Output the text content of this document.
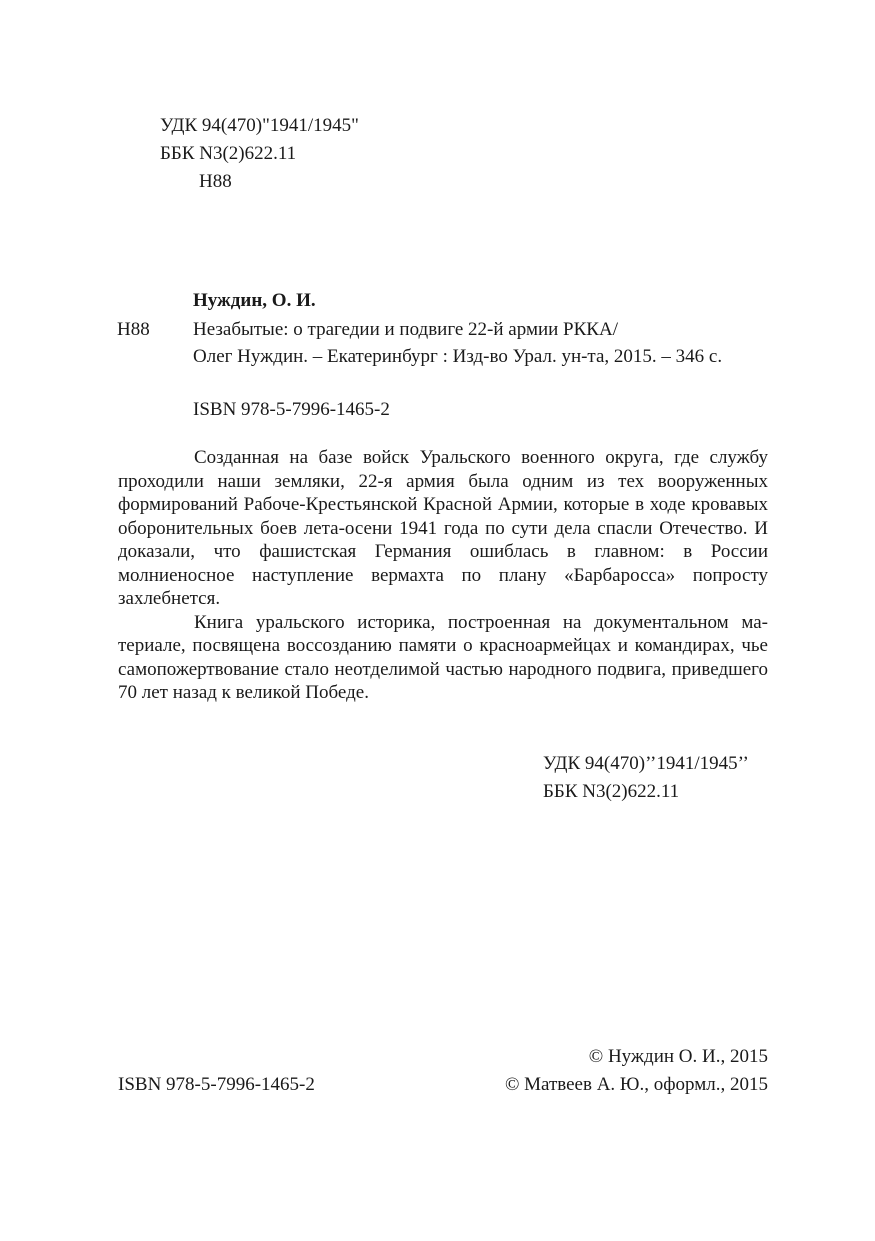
УДК 94(470)"1941/1945"
ББК N3(2)622.11
Н88
Нуждин, О. И.
Н88 Незабытые: о трагедии и подвиге 22-й армии РККА/
Олег Нуждин. – Екатеринбург : Изд-во Урал. ун-та, 2015. – 346 с.
ISBN 978-5-7996-1465-2

Созданная на базе войск Уральского военного округа, где службу проходили наши земляки, 22-я армия была одним из тех вооруженных формирований Рабоче-Крестьянской Красной Армии, которые в ходе кровавых оборонительных боев лета-осени 1941 года по сути дела спасли Отечество. И доказали, что фашистская Германия ошиблась в главном: в России молниеносное наступление вермахта по плану «Барбаросса» попросту захлебнется.

Книга уральского историка, построенная на документальном материале, посвящена воссозданию памяти о красноармейцах и командирах, чье самопожертвование стало неотделимой частью народного подвига, приведшего 70 лет назад к великой Победе.

УДК 94(470)’’1941/1945’’
ББК N3(2)622.11
© Нуждин О. И., 2015
ISBN 978-5-7996-1465-2	© Матвеев А. Ю., оформл., 2015
